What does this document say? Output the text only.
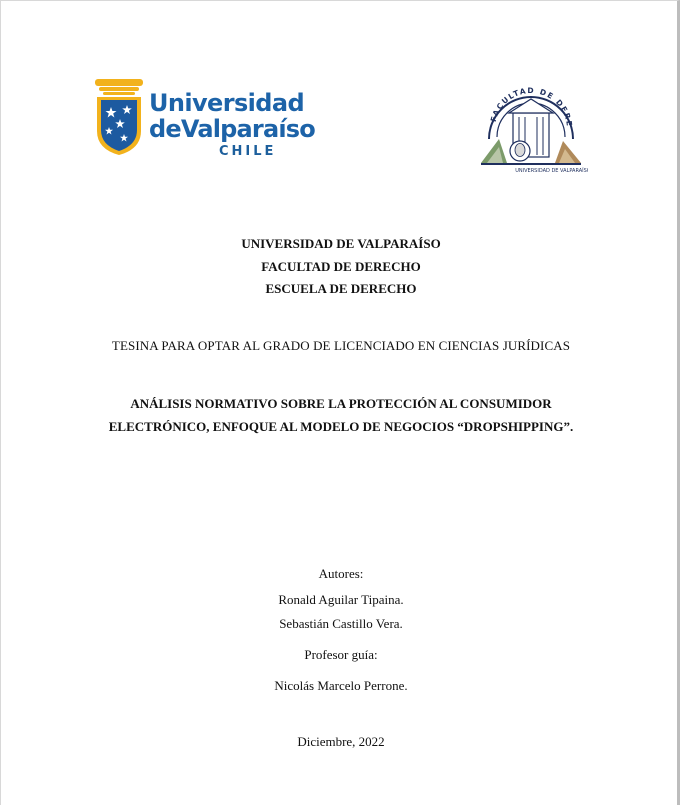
Universidad
deValparaíso
CHILE
FACULTAD DE DERE
UNIVERSIDAD DE VALPARAÍSO
UNIVERSIDAD DE VALPARAÍSO
FACULTAD DE DERECHO
ESCUELA DE DERECHO
TESINA PARA OPTAR AL GRADO DE LICENCIADO EN CIENCIAS JURÍDICAS
ANÁLISIS NORMATIVO SOBRE LA PROTECCIÓN AL CONSUMIDOR
ELECTRÓNICO, ENFOQUE AL MODELO DE NEGOCIOS “DROPSHIPPING”.
Autores:
Ronald Aguilar Tipaina.
Sebastián Castillo Vera.
Profesor guía:
Nicolás Marcelo Perrone.
Diciembre, 2022
